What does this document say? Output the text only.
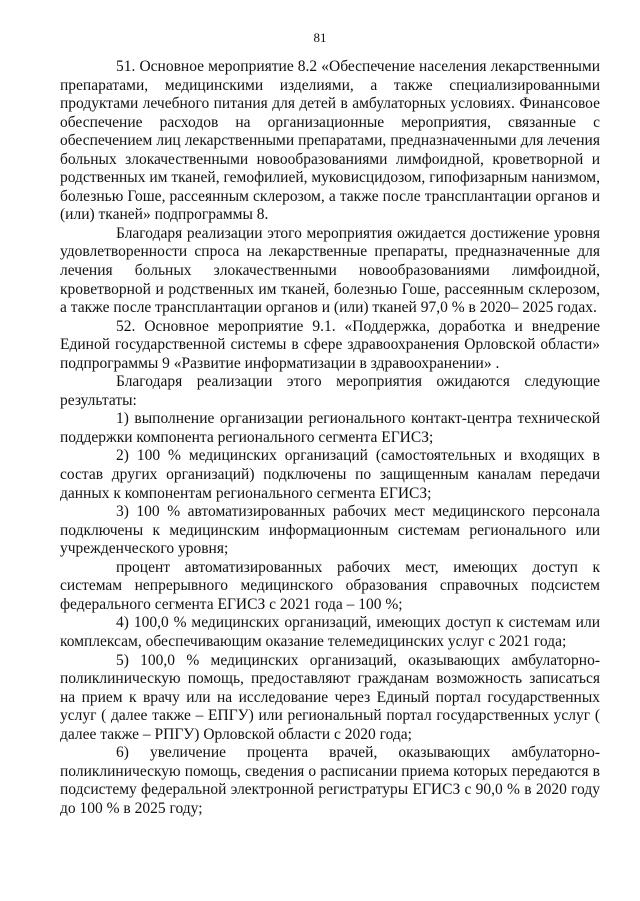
81

51. Основное мероприятие 8.2 «Обеспечение населения лекарственными препаратами, медицинскими изделиями, а также специализированными продуктами лечебного питания для детей в амбулаторных условиях. Финансовое обеспечение расходов на организационные мероприятия, связанные с обеспечением лиц лекарственными препаратами, предназначенными для лечения больных злокачественными новообразованиями лимфоидной, кроветворной и родственных им тканей, гемофилией, муковисцидозом, гипофизарным нанизмом, болезнью Гоше, рассеянным склерозом, а также после трансплантации органов и (или) тканей» подпрограммы 8.

Благодаря реализации этого мероприятия ожидается достижение уровня удовлетворенности спроса на лекарственные препараты, предназначенные для лечения больных злокачественными новообразованиями лимфоидной, кроветворной и родственных им тканей, болезнью Гоше, рассеянным склерозом, а также после трансплантации органов и (или) тканей 97,0 % в 2020– 2025 годах.

52. Основное мероприятие 9.1. «Поддержка, доработка и внедрение Единой государственной системы в сфере здравоохранения Орловской области» подпрограммы 9 «Развитие информатизации в здравоохранении» .

Благодаря реализации этого мероприятия ожидаются следующие результаты:

1) выполнение организации регионального контакт-центра технической поддержки компонента регионального сегмента ЕГИСЗ;

2) 100 % медицинских организаций (самостоятельных и входящих в состав других организаций) подключены по защищенным каналам передачи данных к компонентам регионального сегмента ЕГИСЗ;

3) 100 % автоматизированных рабочих мест медицинского персонала подключены к медицинским информационным системам регионального или учрежденческого уровня;

процент автоматизированных рабочих мест, имеющих доступ к системам непрерывного медицинского образования справочных подсистем федерального сегмента ЕГИСЗ с 2021 года – 100 %;

4) 100,0 % медицинских организаций, имеющих доступ к системам или комплексам, обеспечивающим оказание телемедицинских услуг с 2021 года;

5) 100,0 % медицинских организаций, оказывающих амбулаторно-поликлиническую помощь, предоставляют гражданам возможность записаться на прием к врачу или на исследование через Единый портал государственных услуг ( далее также – ЕПГУ) или региональный портал государственных услуг ( далее также – РПГУ) Орловской области с 2020 года;

6) увеличение процента врачей, оказывающих амбулаторно-поликлиническую помощь, сведения о расписании приема которых передаются в подсистему федеральной электронной регистратуры ЕГИСЗ с 90,0 % в 2020 году до 100 % в 2025 году;
